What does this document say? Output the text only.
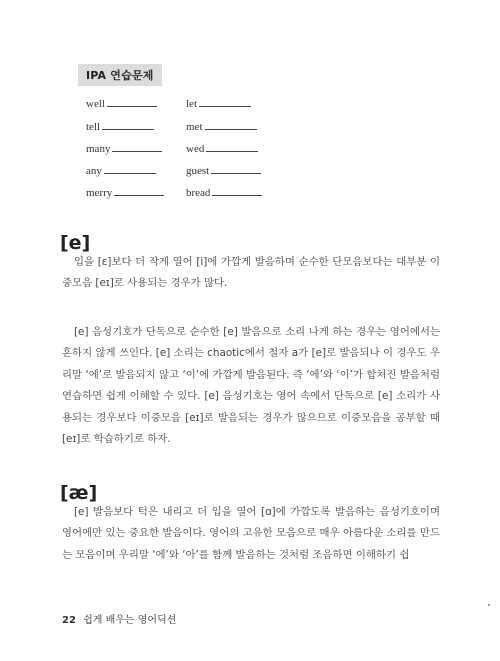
IPA 연습문제
well	let
tell	met
many	wed
any	guest
merry	bread
[e]

입을 [ɛ]보다 더 작게 열어 [i]에 가깝게 발음하며 순수한 단모음보다는 대부분 이중모음 [eɪ]로 사용되는 경우가 많다.

[e] 음성기호가 단독으로 순수한 [e] 발음으로 소리 나게 하는 경우는 영어에서는 흔하지 않게 쓰인다. [e] 소리는 chaotic에서 철자 a가 [e]로 발음되나 이 경우도 우리말 ‘에’로 발음되지 않고 ‘이’에 가깝게 발음된다. 즉 ‘에’와 ‘이’가 합쳐진 발음처럼 연습하면 쉽게 이해할 수 있다. [e] 음성기호는 영어 속에서 단독으로 [e] 소리가 사용되는 경우보다 이중모음 [eɪ]로 발음되는 경우가 많으므로 이중모음을 공부할 때 [eɪ]로 학습하기로 하자.

[æ]

[e] 발음보다 턱은 내리고 더 입을 열어 [ɑ]에 가깝도록 발음하는 음성기호이며 영어에만 있는 중요한 발음이다. 영어의 고유한 모음으로 매우 아름다운 소리를 만드는 모음이며 우리말 ‘에’와 ‘아’를 함께 발음하는 것처럼 조음하면 이해하기 쉽

22 쉽게 배우는 영어딕션
